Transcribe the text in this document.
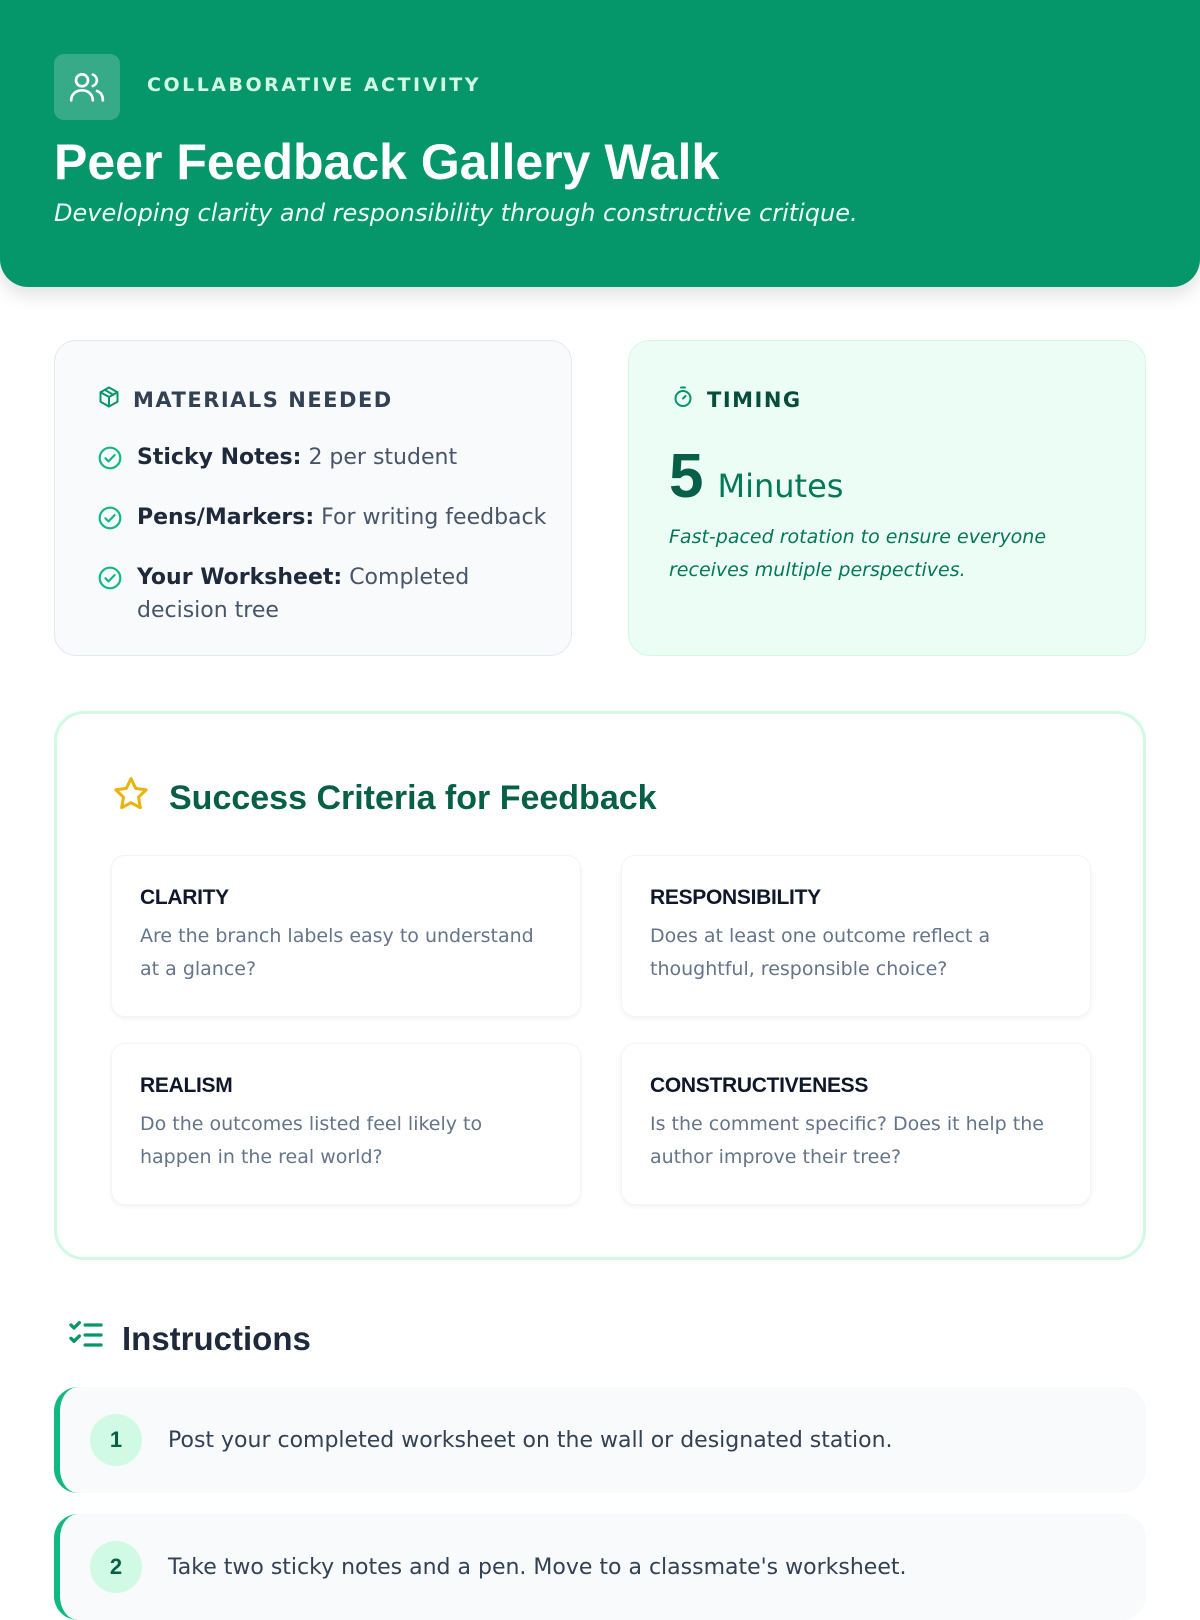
COLLABORATIVE ACTIVITY
Peer Feedback Gallery Walk

Developing clarity and responsibility through constructive critique.

MATERIALS NEEDED
Sticky Notes: 2 per student
Pens/Markers: For writing feedback
Your Worksheet: Completed decision tree
TIMING
5 Minutes
Fast-paced rotation to ensure everyone receives multiple perspectives.
Success Criteria for Feedback
CLARITY
Are the branch labels easy to understand at a glance?
RESPONSIBILITY
Does at least one outcome reflect a thoughtful, responsible choice?
REALISM
Do the outcomes listed feel likely to happen in the real world?
CONSTRUCTIVENESS
Is the comment specific? Does it help the author improve their tree?
Instructions
1	Post your completed worksheet on the wall or designated station.
2	Take two sticky notes and a pen. Move to a classmate's worksheet.
